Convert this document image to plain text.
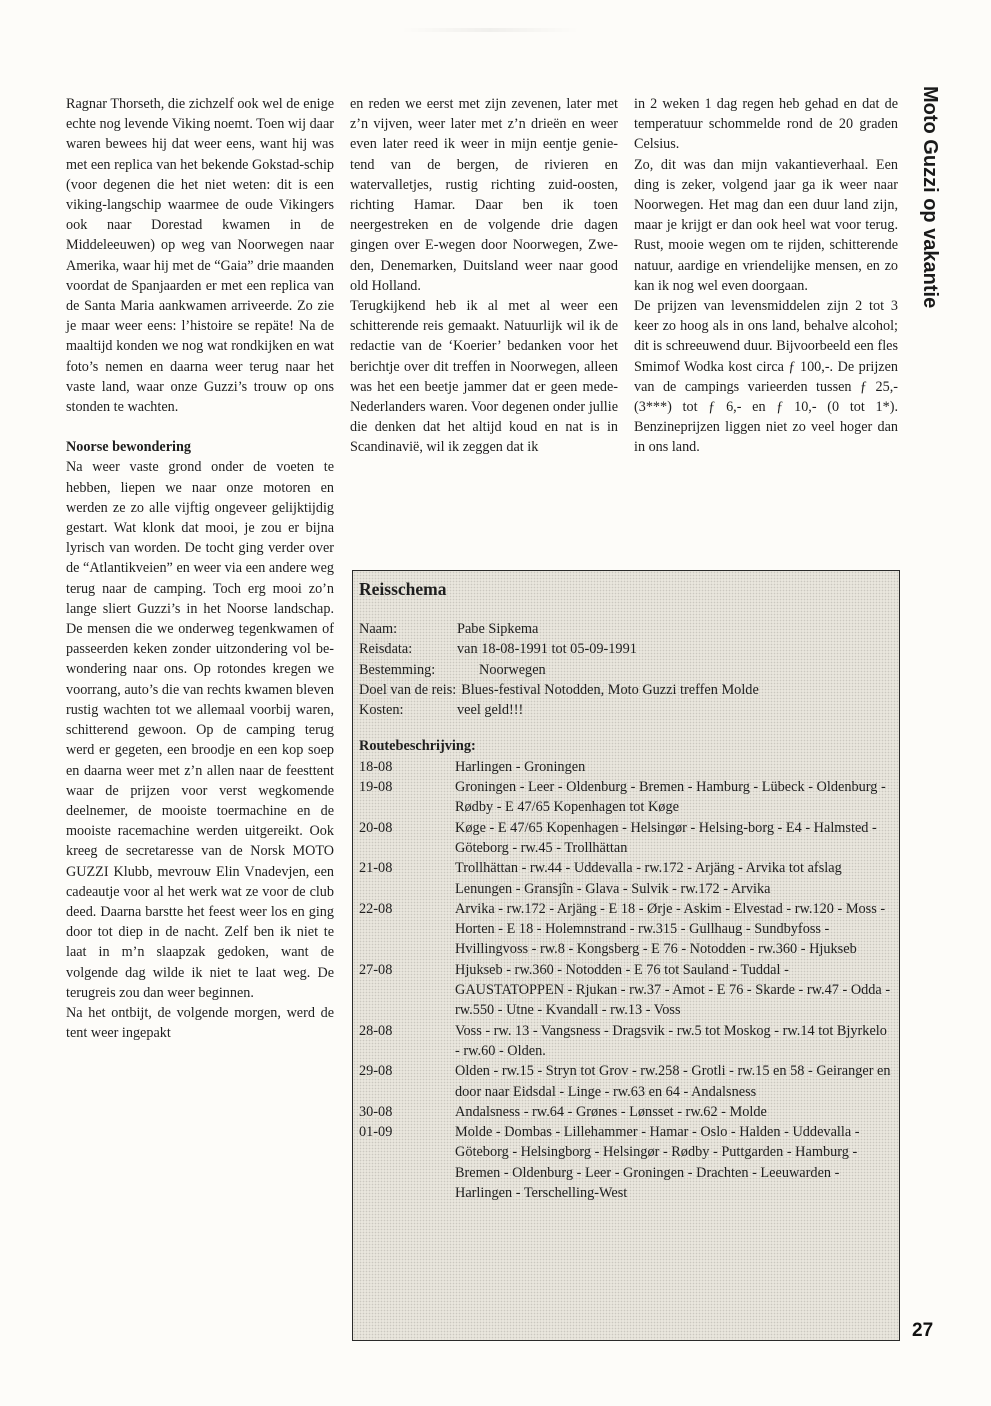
Moto Guzzi op vakantie

Ragnar Thorseth, die zichzelf ook wel de enige echte nog levende Viking noemt. Toen wij daar waren bewees hij dat weer eens, want hij was met een replica van het bekende Gokstad-schip (voor degenen die het niet weten: dit is een viking-langschip waarmee de oude Vikingers ook naar Dorestad kwamen in de Middeleeuwen) op weg van Noorwegen naar Amerika, waar hij met de “Gaia” drie maanden voordat de Spanjaarden er met een replica van de Santa Maria aankwamen arriveerde. Zo zie je maar weer eens: l’histoire se repäte! Na de maaltijd konden we nog wat rondkijken en wat foto’s nemen en daarna weer terug naar het vaste land, waar onze Guzzi’s trouw op ons stonden te wachten.

Noorse bewondering

Na weer vaste grond onder de voeten te hebben, liepen we naar onze motoren en werden ze zo alle vijftig ongeveer gelijktijdig gestart. Wat klonk dat mooi, je zou er bijna lyrisch van worden. De tocht ging verder over de “Atlantikveien” en weer via een andere weg terug naar de camping. Toch erg mooi zo’n lange sliert Guzzi’s in het Noorse landschap. De mensen die we onderweg tegenkwamen of passeerden keken zonder uitzondering vol bewondering naar ons. Op rotondes kregen we voorrang, auto’s die van rechts kwamen bleven rustig wachten tot we allemaal voorbij waren, schitterend gewoon. Op de camping terug werd er gegeten, een broodje en een kop soep en daarna weer met z’n allen naar de feesttent waar de prijzen voor verst wegkomende deelnemer, de mooiste toermachine en de mooiste racemachine werden uitgereikt. Ook kreeg de secretaresse van de Norsk MOTO GUZZI Klubb, mevrouw Elin Vnadevjen, een cadeautje voor al het werk wat ze voor de club deed. Daarna barstte het feest weer los en ging door tot diep in de nacht. Zelf ben ik niet te laat in m’n slaapzak gedoken, want de volgende dag wilde ik niet te laat weg. De terugreis zou dan weer beginnen.

Na het ontbijt, de volgende morgen, werd de tent weer ingepakt

en reden we eerst met zijn zevenen, later met z’n vijven, weer later met z’n drieën en weer even later reed ik weer in mijn eentje genietend van de bergen, de rivieren en watervalletjes, rustig richting zuid-oosten, richting Hamar. Daar ben ik toen neergestreken en de volgende drie dagen gingen over E-wegen door Noorwegen, Zweden, Denemarken, Duitsland weer naar good old Holland.

Terugkijkend heb ik al met al weer een schitterende reis gemaakt. Natuurlijk wil ik de redactie van de ‘Koerier’ bedanken voor het berichtje over dit treffen in Noorwegen, alleen was het een beetje jammer dat er geen mede-Nederlanders waren. Voor degenen onder jullie die denken dat het altijd koud en nat is in Scandinavië, wil ik zeggen dat ik

in 2 weken 1 dag regen heb gehad en dat de temperatuur schommelde rond de 20 graden Celsius.

Zo, dit was dan mijn vakantieverhaal. Een ding is zeker, volgend jaar ga ik weer naar Noorwegen. Het mag dan een duur land zijn, maar je krijgt er dan ook heel wat voor terug. Rust, mooie wegen om te rijden, schitterende natuur, aardige en vriendelijke mensen, en zo kan ik nog wel even doorgaan.

De prijzen van levensmiddelen zijn 2 tot 3 keer zo hoog als in ons land, behalve alcohol; dit is schreeuwend duur. Bijvoorbeeld een fles Smimof Wodka kost circa ƒ 100,-. De prijzen van de campings varieerden tussen ƒ 25,- (3***) tot ƒ 6,- en ƒ 10,- (0 tot 1*). Benzineprijzen liggen niet zo veel hoger dan in ons land.

Reisschema
Naam:	Pabe Sipkema
Reisdata:	van 18-08-1991 tot 05-09-1991
Bestemming:	Noorwegen
Doel van de reis: Blues-festival Notodden, Moto Guzzi treffen Molde
Kosten:	veel geld!!!
Routebeschrijving:
18-08	Harlingen - Groningen
19-08	Groningen - Leer - Oldenburg - Bremen - Hamburg - Lübeck - Oldenburg - Rødby - E 47/65 Kopenhagen tot Køge
20-08	Køge - E 47/65 Kopenhagen - Helsingør - Helsing-borg - E4 - Halmsted - Göteborg - rw.45 - Trollhättan
21-08	Trollhättan - rw.44 - Uddevalla - rw.172 - Arjäng - Arvika tot afslag Lenungen - Gransjîn - Glava - Sulvik - rw.172 - Arvika
22-08	Arvika - rw.172 - Arjäng - E 18 - Ørje - Askim - Elvestad - rw.120 - Moss - Horten - E 18 - Holemnstrand - rw.315 - Gullhaug - Sundbyfoss - Hvillingvoss - rw.8 - Kongsberg - E 76 - Notodden - rw.360 - Hjukseb
27-08	Hjukseb - rw.360 - Notodden - E 76 tot Sauland - Tuddal - GAUSTATOPPEN - Rjukan - rw.37 - Amot - E 76 - Skarde - rw.47 - Odda - rw.550 - Utne - Kvandall - rw.13 - Voss
28-08	Voss - rw. 13 - Vangsness - Dragsvik - rw.5 tot Moskog - rw.14 tot Bjyrkelo - rw.60 - Olden.
29-08	Olden - rw.15 - Stryn tot Grov - rw.258 - Grotli - rw.15 en 58 - Geiranger en door naar Eidsdal - Linge - rw.63 en 64 - Andalsness
30-08	Andalsness - rw.64 - Grønes - Lønsset - rw.62 - Molde
01-09	Molde - Dombas - Lillehammer - Hamar - Oslo - Halden - Uddevalla - Göteborg - Helsingborg - Helsingør - Rødby - Puttgarden - Hamburg - Bremen - Oldenburg - Leer - Groningen - Drachten - Leeuwarden - Harlingen - Terschelling-West
27
